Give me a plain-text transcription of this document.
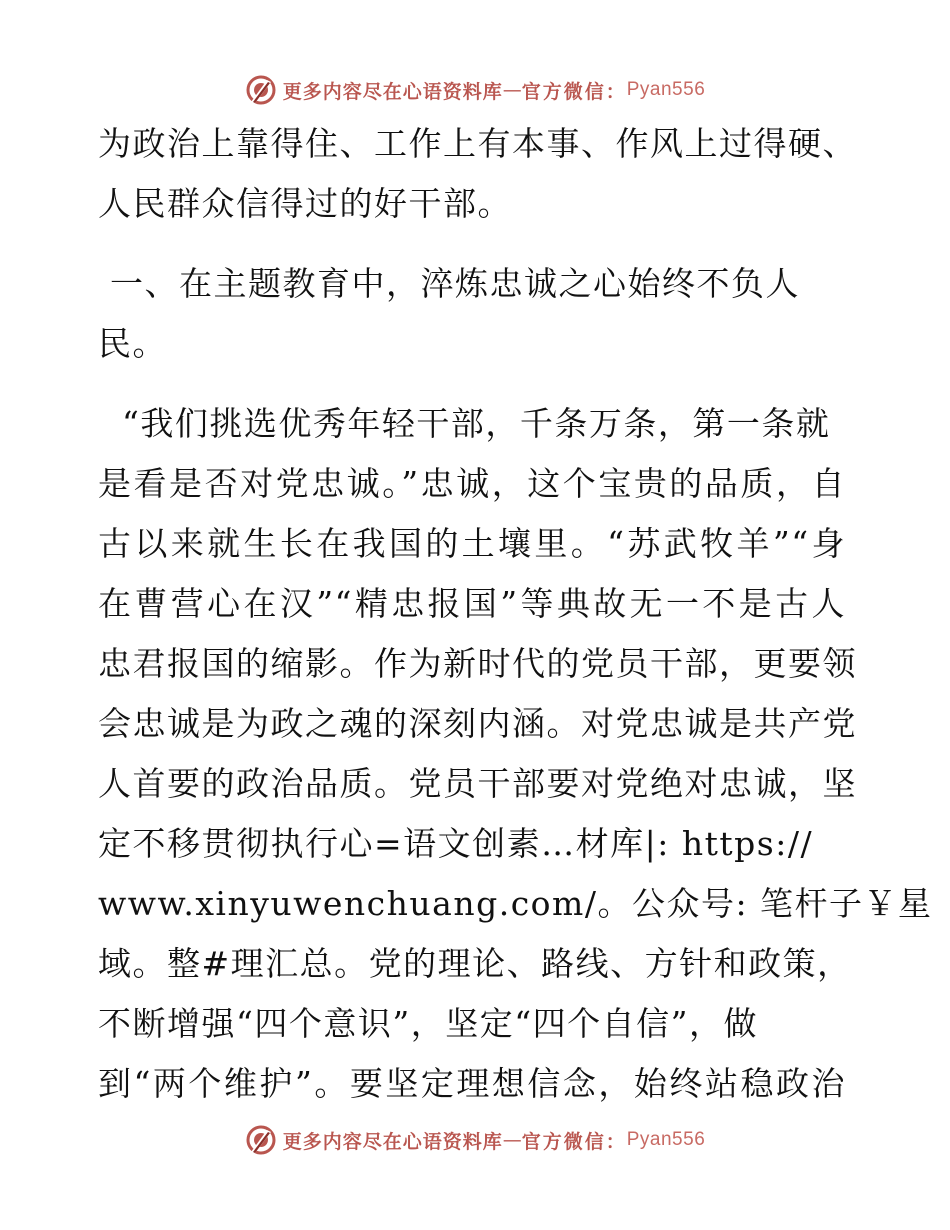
更多内容尽在心语资料库 — 官方微信： Pyan556
为政治上靠得住、工作上有本事、作风上过得硬、
人民群众信得过的好干部。
一、在主题教育中，淬炼忠诚之心始终不负人
民。
“我们挑选优秀年轻干部，千条万条，第一条就
是看是否对党忠诚。”忠诚，这个宝贵的品质，自
古以来就生长在我国的土壤里。“苏武牧羊”“身
在曹营心在汉”“精忠报国”等典故无一不是古人
忠君报国的缩影。作为新时代的党员干部，更要领
会忠诚是为政之魂的深刻内涵。对党忠诚是共产党
人首要的政治品质。党员干部要对党绝对忠诚，坚
定不移贯彻执行心=语文创素…材库|: https://
www.xinyuwenchuang.com/。公众号: 笔杆子￥星
域。整#理汇总。党的理论、路线、方针和政策，
不断增强“四个意识”，坚定“四个自信”，做
到“两个维护”。要坚定理想信念，始终站稳政治
更多内容尽在心语资料库 — 官方微信： Pyan556
